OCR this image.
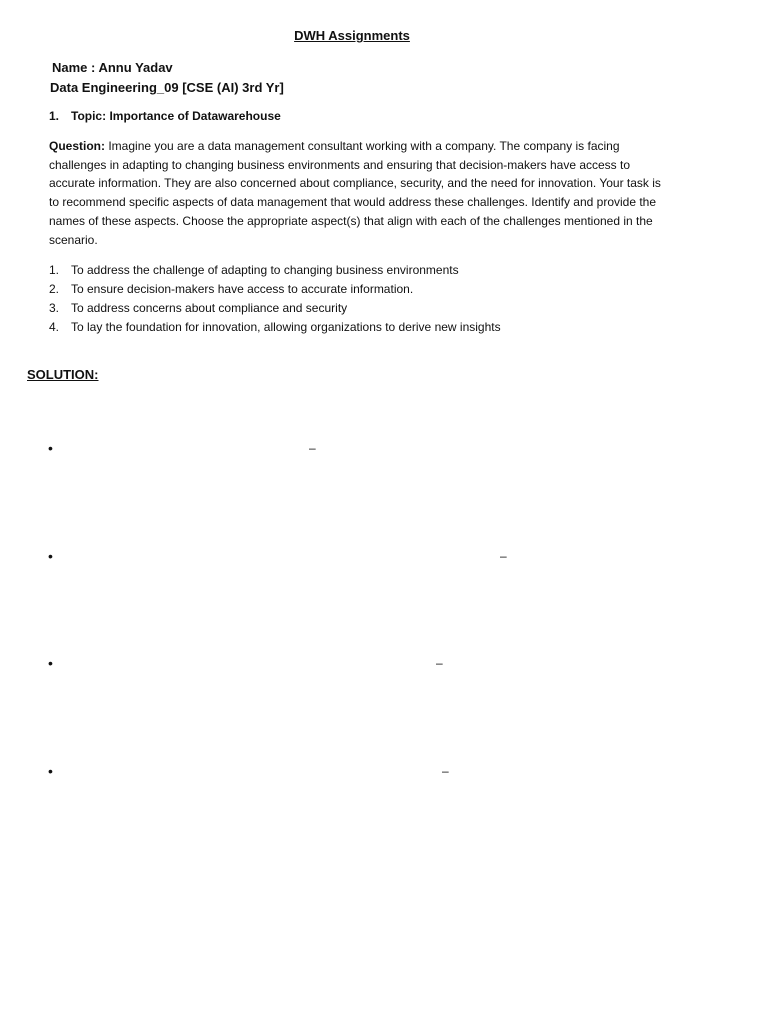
DWH Assignments
Name : Annu Yadav
Data Engineering_09 [CSE (AI) 3rd Yr]
1. Topic: Importance of Datawarehouse
Question: Imagine you are a data management consultant working with a company. The company is facing challenges in adapting to changing business environments and ensuring that decision-makers have access to accurate information. They are also concerned about compliance, security, and the need for innovation. Your task is to recommend specific aspects of data management that would address these challenges. Identify and provide the names of these aspects. Choose the appropriate aspect(s) that align with each of the challenges mentioned in the scenario.
1. To address the challenge of adapting to changing business environments
2. To ensure decision-makers have access to accurate information.
3. To address concerns about compliance and security
4. To lay the foundation for innovation, allowing organizations to derive new insights
SOLUTION:
•	–
•	–
•	–
•	–
